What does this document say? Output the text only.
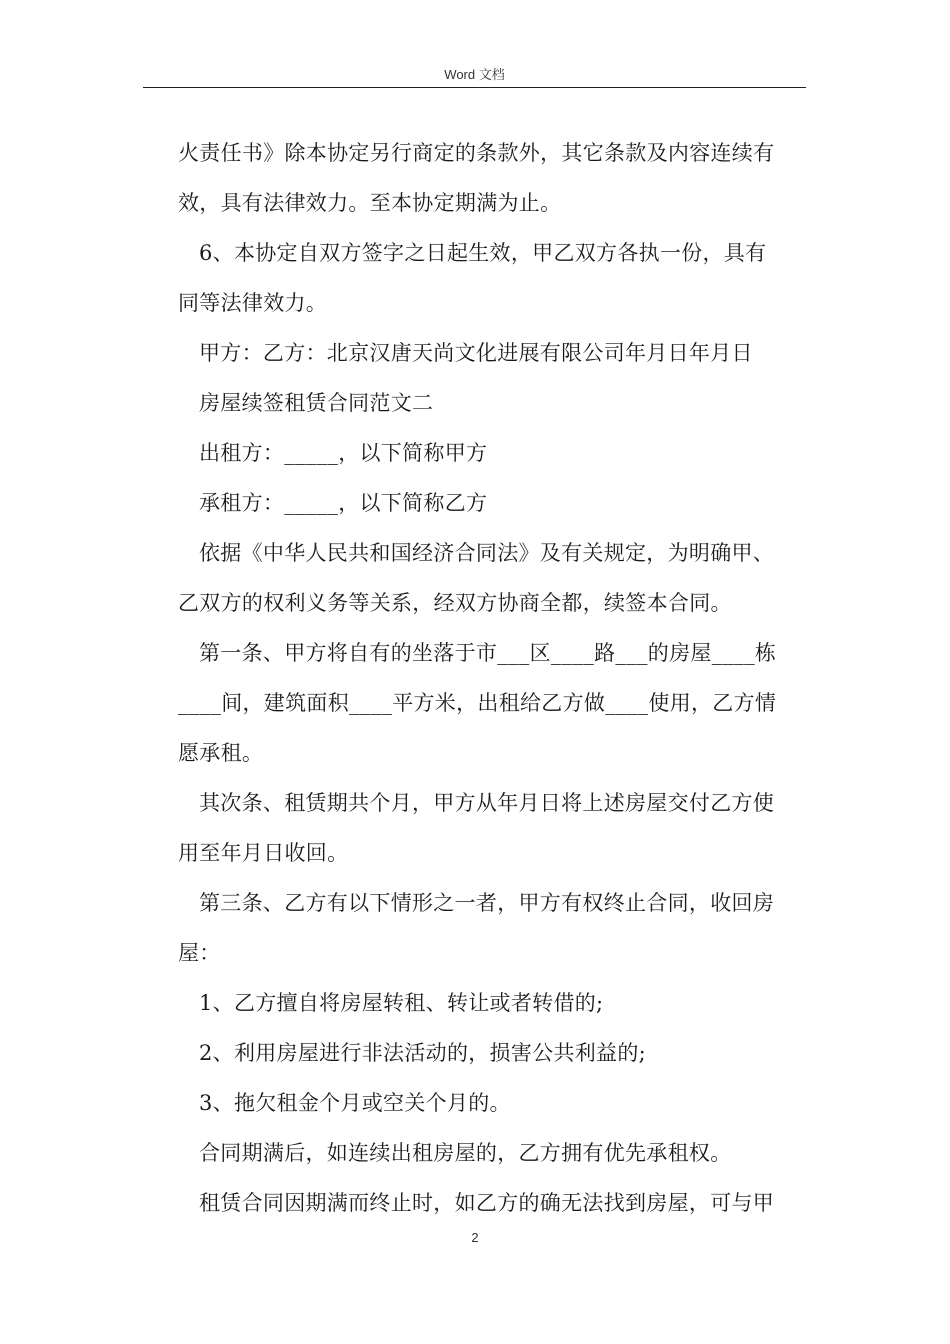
Word 文档
火责任书》除本协定另行商定的条款外，其它条款及内容连续有
效，具有法律效力。至本协定期满为止。
6、本协定自双方签字之日起生效，甲乙双方各执一份，具有
同等法律效力。
甲方：乙方：北京汉唐天尚文化进展有限公司年月日年月日
房屋续签租赁合同范文二
出租方：_____，以下简称甲方
承租方：_____，以下简称乙方
依据《中华人民共和国经济合同法》及有关规定，为明确甲、
乙双方的权利义务等关系，经双方协商全都，续签本合同。
第一条、甲方将自有的坐落于市___区____路___的房屋____栋
____间，建筑面积____平方米，出租给乙方做____使用，乙方情
愿承租。
其次条、租赁期共个月，甲方从年月日将上述房屋交付乙方使
用至年月日收回。
第三条、乙方有以下情形之一者，甲方有权终止合同，收回房
屋：
1、乙方擅自将房屋转租、转让或者转借的;
2、利用房屋进行非法活动的，损害公共利益的;
3、拖欠租金个月或空关个月的。
合同期满后，如连续出租房屋的，乙方拥有优先承租权。
租赁合同因期满而终止时，如乙方的确无法找到房屋，可与甲
2
